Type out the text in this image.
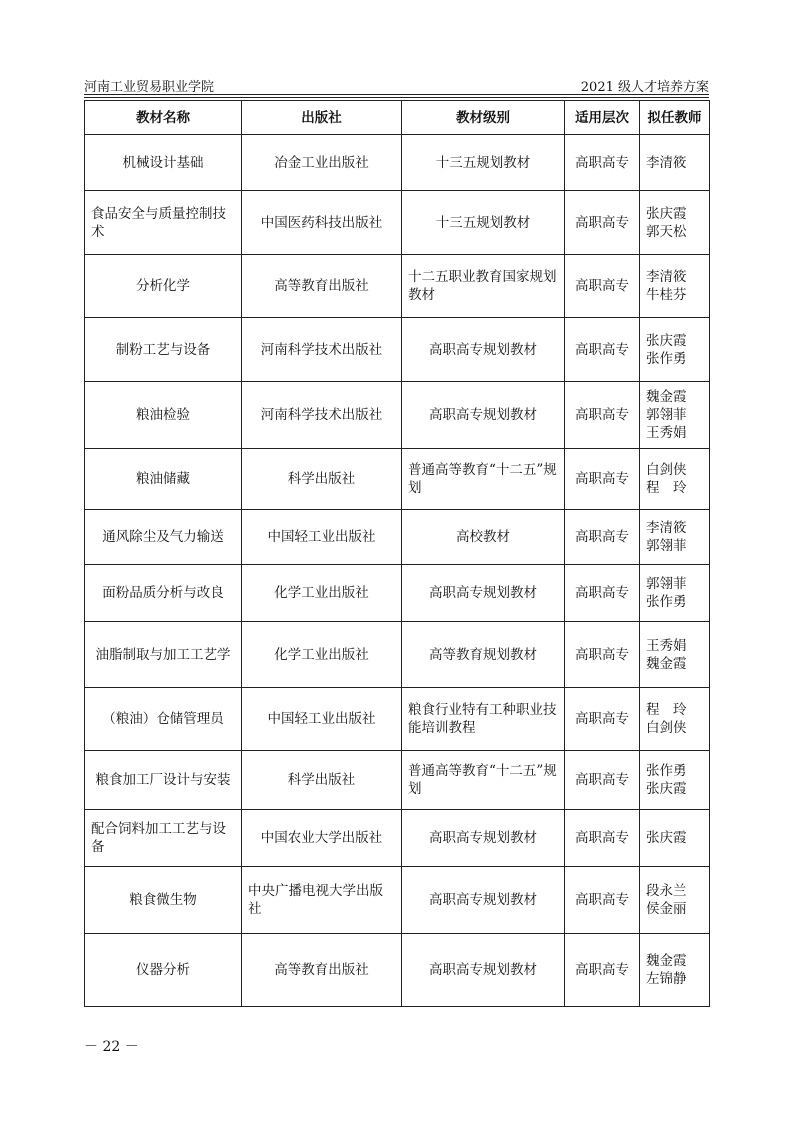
河南工业贸易职业学院	2021 级人才培养方案
教材名称	出版社	教材级别	适用层次	拟任教师
机械设计基础	冶金工业出版社	十三五规划教材	高职高专	李清筱

食品安全与质量控制技术	中国医药科技出版社	十三五规划教材	高职高专	张庆霞
郭天松

分析化学	高等教育出版社	十二五职业教育国家规划教材	高职高专	李清筱
牛桂芬

制粉工艺与设备	河南科学技术出版社	高职高专规划教材	高职高专	张庆霞
张作勇

粮油检验	河南科学技术出版社	高职高专规划教材	高职高专	魏金霞
郭翎菲
王秀娟

粮油储藏	科学出版社	普通高等教育“十二五”规划	高职高专	白剑侠
程　玲

通风除尘及气力输送	中国轻工业出版社	高校教材	高职高专	李清筱
郭翎菲

面粉品质分析与改良	化学工业出版社	高职高专规划教材	高职高专	郭翎菲
张作勇

油脂制取与加工工艺学	化学工业出版社	高等教育规划教材	高职高专	王秀娟
魏金霞

（粮油）仓储管理员	中国轻工业出版社	粮食行业特有工种职业技能培训教程	高职高专	程　玲
白剑侠

粮食加工厂设计与安装	科学出版社	普通高等教育“十二五”规划	高职高专	张作勇
张庆霞

配合饲料加工工艺与设备	中国农业大学出版社	高职高专规划教材	高职高专	张庆霞

粮食微生物	中央广播电视大学出版社	高职高专规划教材	高职高专	段永兰
侯金丽

仪器分析	高等教育出版社	高职高专规划教材	高职高专	魏金霞
左锦静
－ 22 －
